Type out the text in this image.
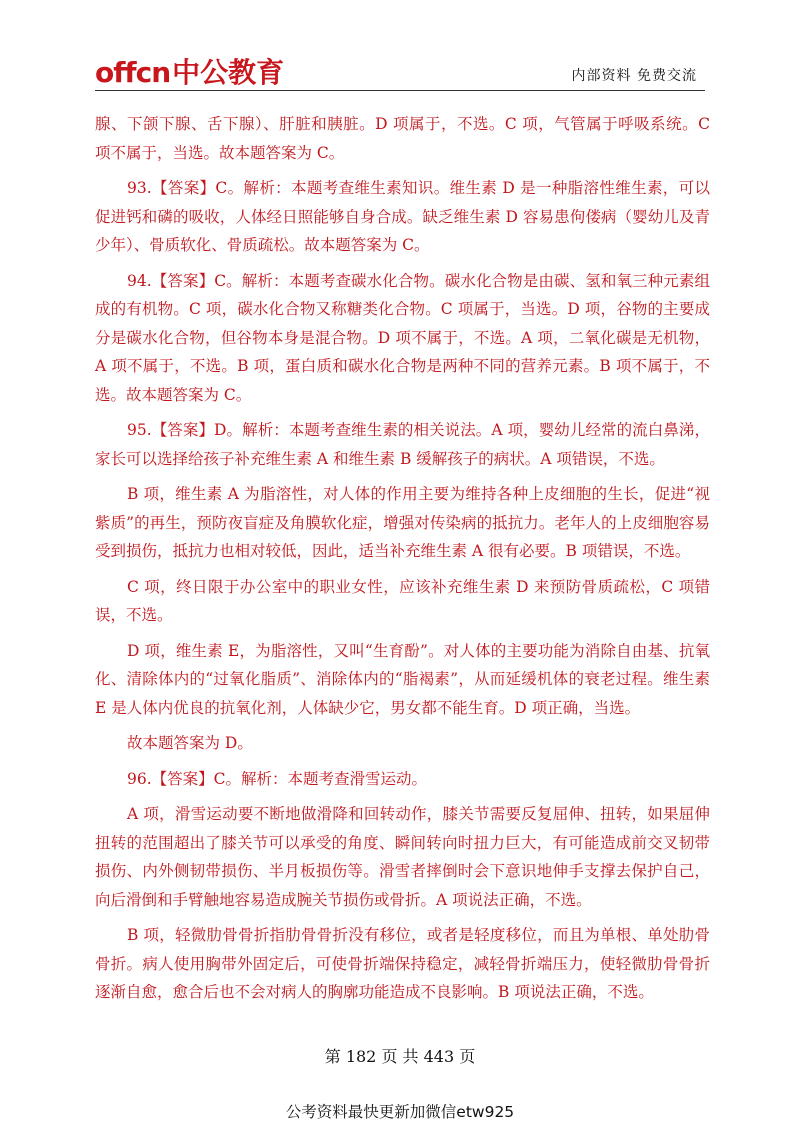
offcn中公教育	内部资料 免费交流

腺、下颌下腺、舌下腺）、肝脏和胰脏。D 项属于，不选。C 项，气管属于呼吸系统。C 项不属于，当选。故本题答案为 C。

93.【答案】C。解析：本题考查维生素知识。维生素 D 是一种脂溶性维生素，可以促进钙和磷的吸收，人体经日照能够自身合成。缺乏维生素 D 容易患佝偻病（婴幼儿及青少年）、骨质软化、骨质疏松。故本题答案为 C。

94.【答案】C。解析：本题考查碳水化合物。碳水化合物是由碳、氢和氧三种元素组成的有机物。C 项，碳水化合物又称糖类化合物。C 项属于，当选。D 项，谷物的主要成分是碳水化合物，但谷物本身是混合物。D 项不属于，不选。A 项，二氧化碳是无机物，A 项不属于，不选。B 项，蛋白质和碳水化合物是两种不同的营养元素。B 项不属于，不选。故本题答案为 C。

95.【答案】D。解析：本题考查维生素的相关说法。A 项，婴幼儿经常的流白鼻涕，家长可以选择给孩子补充维生素 A 和维生素 B 缓解孩子的病状。A 项错误，不选。

B 项，维生素 A 为脂溶性，对人体的作用主要为维持各种上皮细胞的生长，促进“视紫质”的再生，预防夜盲症及角膜软化症，增强对传染病的抵抗力。老年人的上皮细胞容易受到损伤，抵抗力也相对较低，因此，适当补充维生素 A 很有必要。B 项错误，不选。

C 项，终日限于办公室中的职业女性，应该补充维生素 D 来预防骨质疏松，C 项错误，不选。

D 项，维生素 E，为脂溶性，又叫“生育酚”。对人体的主要功能为消除自由基、抗氧化、清除体内的“过氧化脂质”、消除体内的“脂褐素”，从而延缓机体的衰老过程。维生素 E 是人体内优良的抗氧化剂，人体缺少它，男女都不能生育。D 项正确，当选。

故本题答案为 D。

96.【答案】C。解析：本题考查滑雪运动。

A 项，滑雪运动要不断地做滑降和回转动作，膝关节需要反复屈伸、扭转，如果屈伸扭转的范围超出了膝关节可以承受的角度、瞬间转向时扭力巨大，有可能造成前交叉韧带损伤、内外侧韧带损伤、半月板损伤等。滑雪者摔倒时会下意识地伸手支撑去保护自己，向后滑倒和手臂触地容易造成腕关节损伤或骨折。A 项说法正确，不选。

B 项，轻微肋骨骨折指肋骨骨折没有移位，或者是轻度移位，而且为单根、单处肋骨骨折。病人使用胸带外固定后，可使骨折端保持稳定，减轻骨折端压力，使轻微肋骨骨折逐渐自愈，愈合后也不会对病人的胸廓功能造成不良影响。B 项说法正确，不选。

第 182 页 共 443 页
公考资料最快更新加微信etw925
